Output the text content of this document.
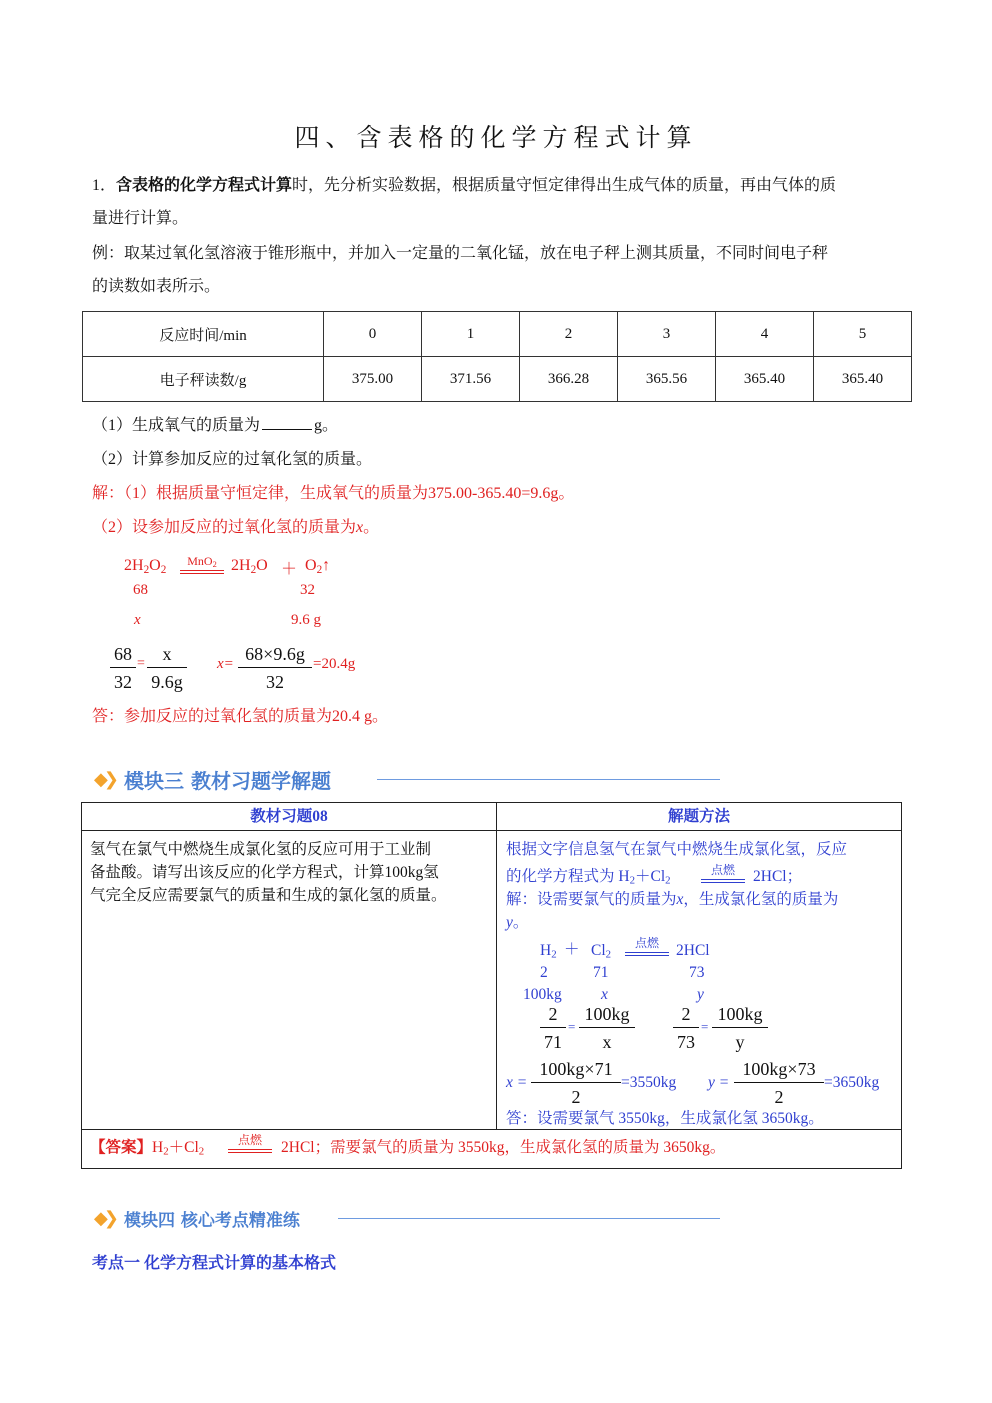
四、含表格的化学方程式计算
1．含表格的化学方程式计算时，先分析实验数据，根据质量守恒定律得出生成气体的质量，再由气体的质
量进行计算。
例：取某过氧化氢溶液于锥形瓶中，并加入一定量的二氧化锰，放在电子秤上测其质量，不同时间电子秤
的读数如表所示。
反应时间/min	0	1	2	3	4	5
电子秤读数/g	375.00	371.56	366.28	365.56	365.40	365.40
（1）生成氧气的质量为	g。
（2）计算参加反应的过氧化氢的质量。
解：（1）根据质量守恒定律，生成氧气的质量为375.00-365.40=9.6g。
（2）设参加反应的过氧化氢的质量为x。
$2H_2O_2$
MnO$_2$ $2H_2O$ ＋ $O_2↑$
68	32
x	9.6 g
$\frac{68}{32} = \frac{x}{9.6g} x= \frac{68\times 9.6g}{32} =20.4g$
答：参加反应的过氧化氢的质量为20.4 g。
◆❯ 模块三 教材习题学解题
教材习题08	解题方法
氢气在氯气中燃烧生成氯化氢的反应可用于工业制
备盐酸。请写出该反应的化学方程式，计算100kg氢
气完全反应需要氯气的质量和生成的氯化氢的质量。
根据文字信息氢气在氯气中燃烧生成氯化氢，反应
的化学方程式为 $H_2+Cl_2$
点燃	2HCl；
解：设需要氯气的质量为x，生成氯化氢的质量为
y。
$H_2 + Cl_2$
点燃	2HCl
2	71	73
100kg	x	y
$\frac{2}{71} = \frac{100kg}{x} \frac{2}{73} = \frac{100kg}{y}$
$x = \frac{100kg\times 71}{2} =3550kg$ $y = \frac{100kg\times 73}{2} =3650kg$
答：设需要氯气 3550kg，生成氯化氢 3650kg。
【答案】$H_2+Cl_2$
点燃	2HCl；需要氯气的质量为 3550kg，生成氯化氢的质量为 3650kg。
◆❯ 模块四 核心考点精准练
考点一 化学方程式计算的基本格式
